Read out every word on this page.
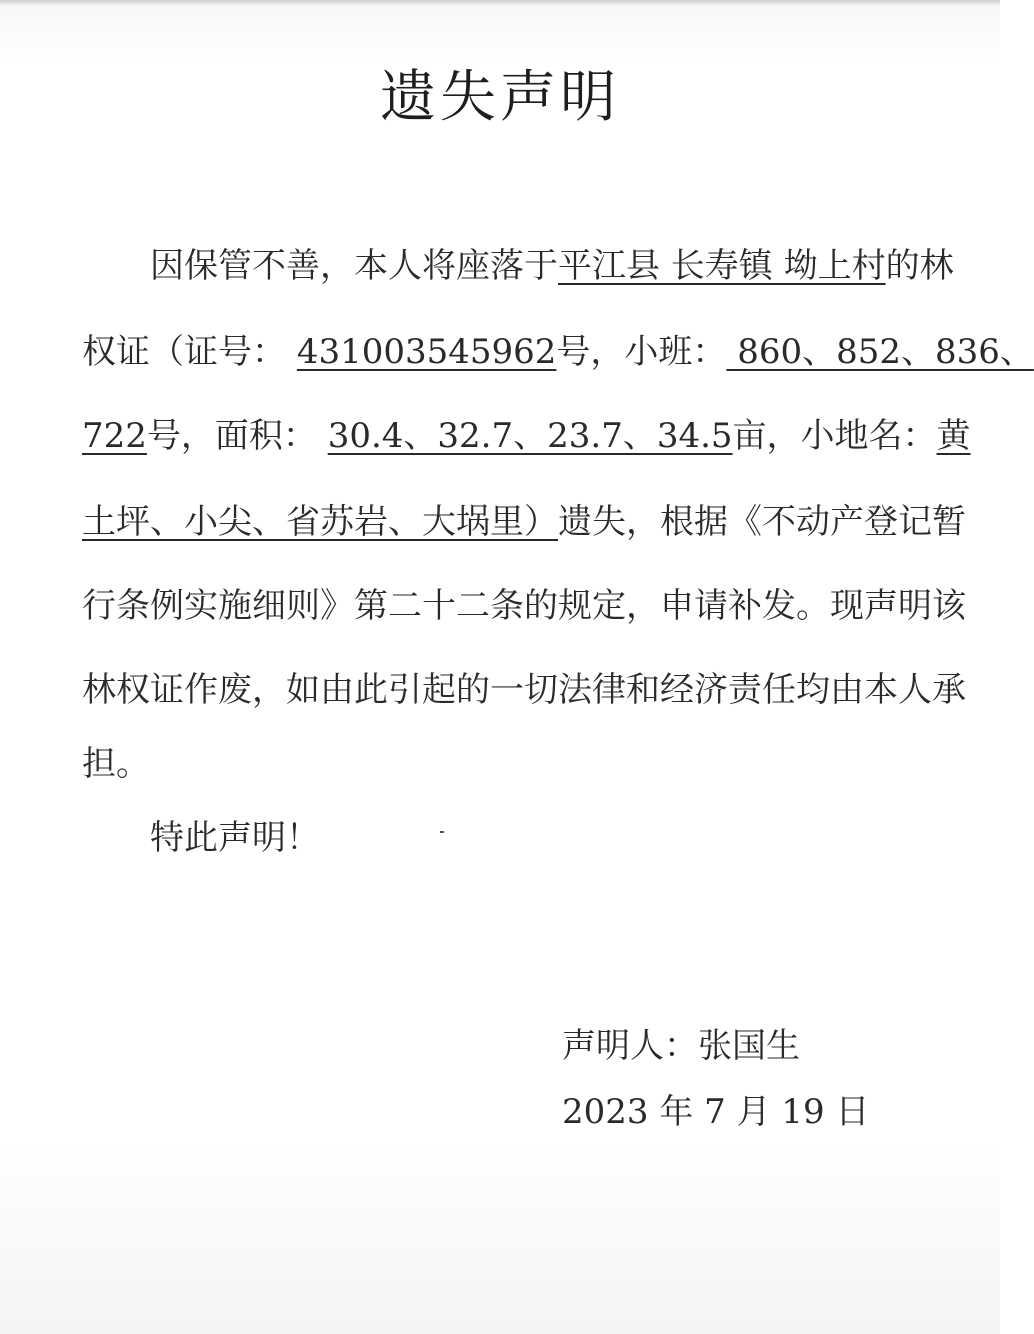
遗失声明
因保管不善，本人将座落于平江县 长寿镇 坳上村的林
权证（证号： 431003545962号，小班： 860、852、836、
722号，面积： 30.4、32.7、23.7、34.5亩，小地名：黄
土坪、小尖、省苏岩、大埚里）遗失，根据《不动产登记暂
行条例实施细则》第二十二条的规定，申请补发。现声明该
林权证作废，如由此引起的一切法律和经济责任均由本人承
担。
特此声明！
声明人：张国生
2023 年 7 月 19 日
